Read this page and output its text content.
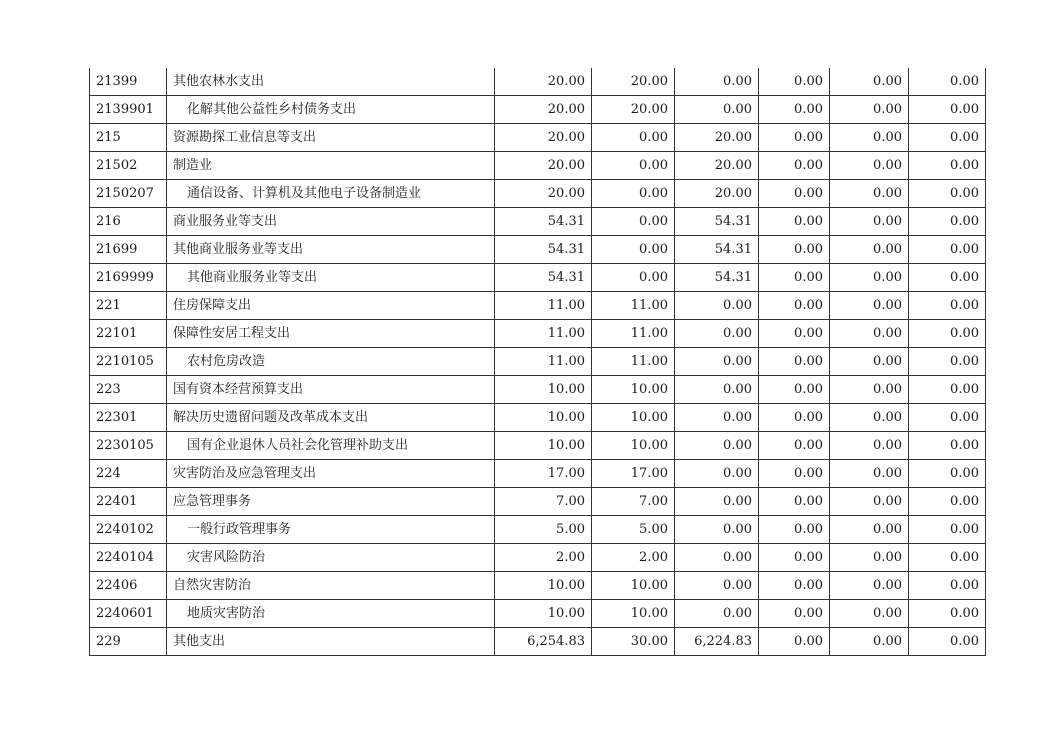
21399	其他农林水支出	20.00	20.00	0.00	0.00	0.00	0.00
2139901	化解其他公益性乡村债务支出	20.00	20.00	0.00	0.00	0.00	0.00
215	资源勘探工业信息等支出	20.00	0.00	20.00	0.00	0.00	0.00
21502	制造业	20.00	0.00	20.00	0.00	0.00	0.00
2150207	通信设备、计算机及其他电子设备制造业	20.00	0.00	20.00	0.00	0.00	0.00
216	商业服务业等支出	54.31	0.00	54.31	0.00	0.00	0.00
21699	其他商业服务业等支出	54.31	0.00	54.31	0.00	0.00	0.00
2169999	其他商业服务业等支出	54.31	0.00	54.31	0.00	0.00	0.00
221	住房保障支出	11.00	11.00	0.00	0.00	0.00	0.00
22101	保障性安居工程支出	11.00	11.00	0.00	0.00	0.00	0.00
2210105	农村危房改造	11.00	11.00	0.00	0.00	0.00	0.00
223	国有资本经营预算支出	10.00	10.00	0.00	0.00	0.00	0.00
22301	解决历史遗留问题及改革成本支出	10.00	10.00	0.00	0.00	0.00	0.00
2230105	国有企业退休人员社会化管理补助支出	10.00	10.00	0.00	0.00	0.00	0.00
224	灾害防治及应急管理支出	17.00	17.00	0.00	0.00	0.00	0.00
22401	应急管理事务	7.00	7.00	0.00	0.00	0.00	0.00
2240102	一般行政管理事务	5.00	5.00	0.00	0.00	0.00	0.00
2240104	灾害风险防治	2.00	2.00	0.00	0.00	0.00	0.00
22406	自然灾害防治	10.00	10.00	0.00	0.00	0.00	0.00
2240601	地质灾害防治	10.00	10.00	0.00	0.00	0.00	0.00
229	其他支出	6,254.83	30.00	6,224.83	0.00	0.00	0.00
